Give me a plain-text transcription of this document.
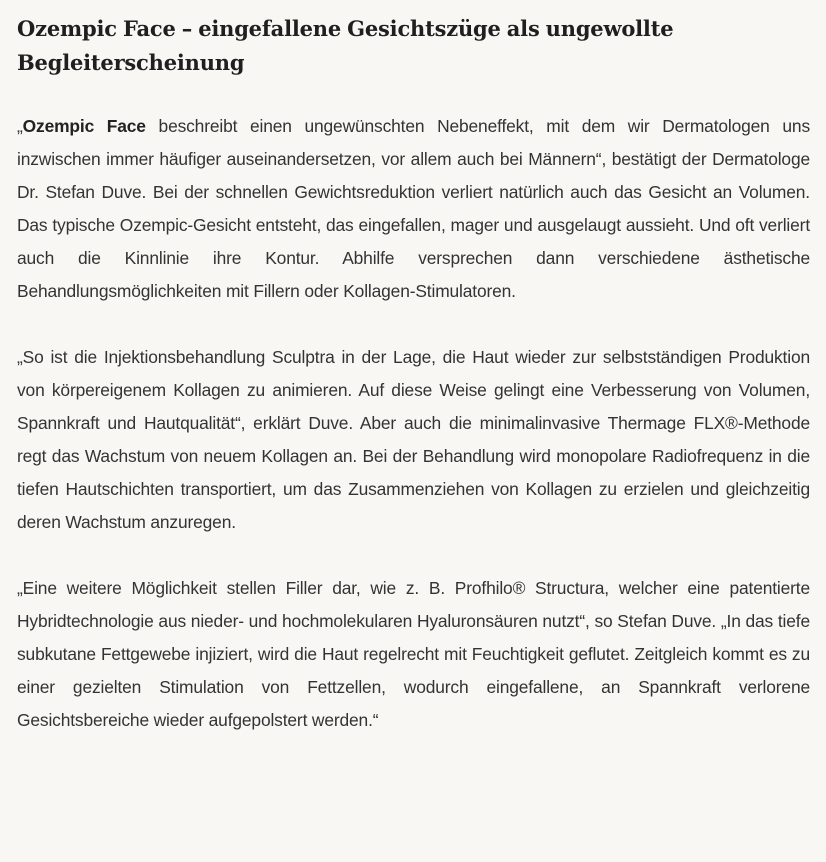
Ozempic Face – eingefallene Gesichtszüge als ungewollte Begleiterscheinung

„Ozempic Face beschreibt einen ungewünschten Nebeneffekt, mit dem wir Dermatologen uns inzwischen immer häufiger auseinandersetzen, vor allem auch bei Männern“, bestätigt der Dermatologe Dr. Stefan Duve. Bei der schnellen Gewichtsreduktion verliert natürlich auch das Gesicht an Volumen. Das typische Ozempic-Gesicht entsteht, das eingefallen, mager und ausgelaugt aussieht. Und oft verliert auch die Kinnlinie ihre Kontur. Abhilfe versprechen dann verschiedene ästhetische Behandlungsmöglichkeiten mit Fillern oder Kollagen-Stimulatoren.

„So ist die Injektionsbehandlung Sculptra in der Lage, die Haut wieder zur selbstständigen Produktion von körpereigenem Kollagen zu animieren. Auf diese Weise gelingt eine Verbesserung von Volumen, Spannkraft und Hautqualität“, erklärt Duve. Aber auch die minimalinvasive Thermage FLX®-Methode regt das Wachstum von neuem Kollagen an. Bei der Behandlung wird monopolare Radiofrequenz in die tiefen Hautschichten transportiert, um das Zusammenziehen von Kollagen zu erzielen und gleichzeitig deren Wachstum anzuregen.

„Eine weitere Möglichkeit stellen Filler dar, wie z. B. Profhilo® Structura, welcher eine patentierte Hybridtechnologie aus nieder- und hochmolekularen Hyaluronsäuren nutzt“, so Stefan Duve. „In das tiefe subkutane Fettgewebe injiziert, wird die Haut regelrecht mit Feuchtigkeit geflutet. Zeitgleich kommt es zu einer gezielten Stimulation von Fettzellen, wodurch eingefallene, an Spannkraft verlorene Gesichtsbereiche wieder aufgepolstert werden.“
